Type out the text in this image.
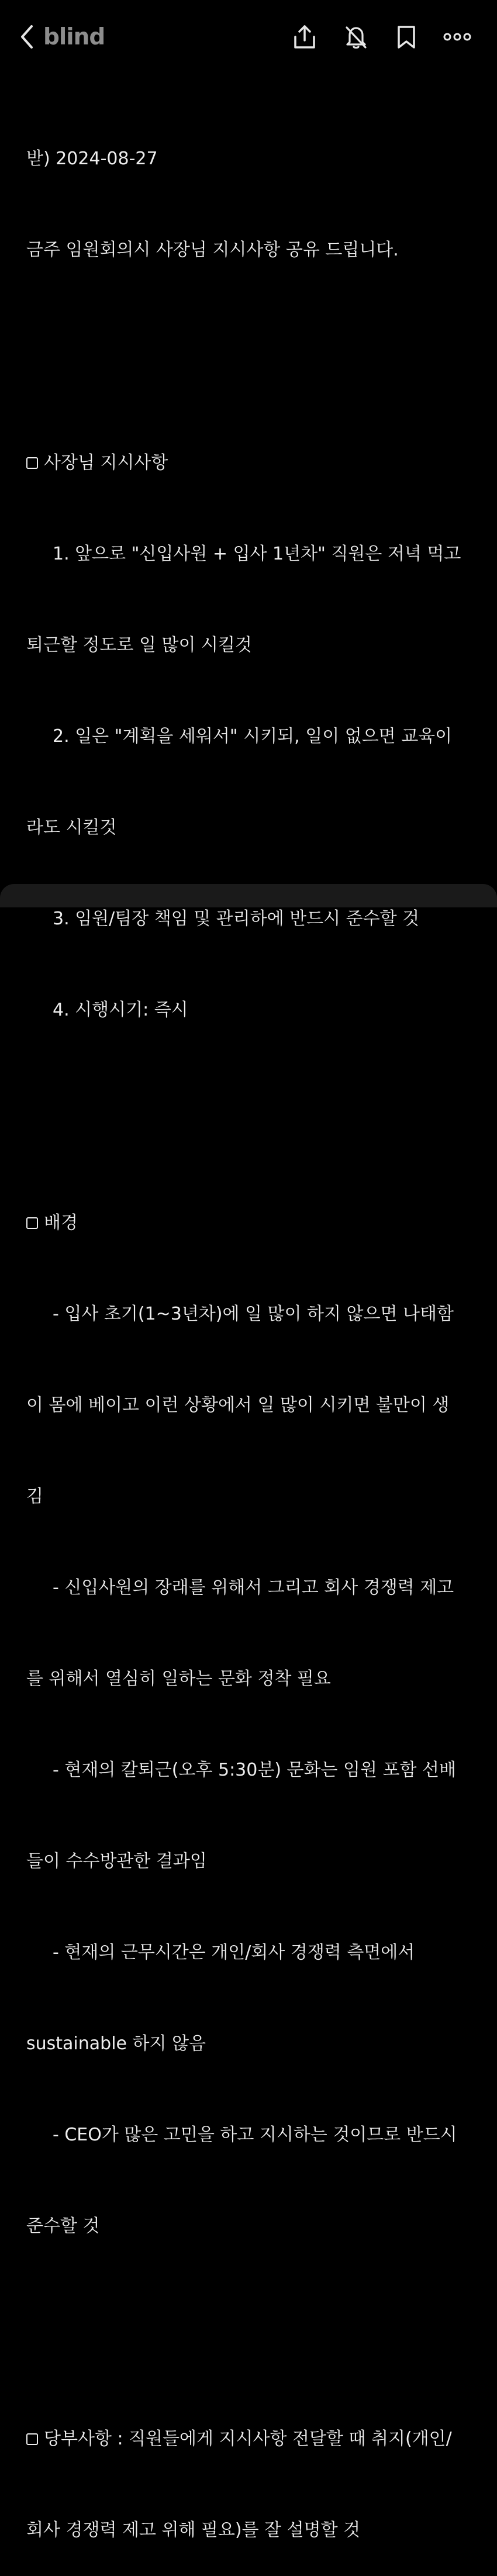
blind

받) 2024-08-27

금주 임원회의시 사장님 지시사항 공유 드립니다.

사장님 지시사항

1. 앞으로 "신입사원 + 입사 1년차" 직원은 저녁 먹고

퇴근할 정도로 일 많이 시킬것

2. 일은 "계획을 세워서" 시키되, 일이 없으면 교육이

라도 시킬것

3. 임원/팀장 책임 및 관리하에 반드시 준수할 것

4. 시행시기: 즉시

배경

- 입사 초기(1~3년차)에 일 많이 하지 않으면 나태함

이 몸에 베이고 이런 상황에서 일 많이 시키면 불만이 생

김

- 신입사원의 장래를 위해서 그리고 회사 경쟁력 제고

를 위해서 열심히 일하는 문화 정착 필요

- 현재의 칼퇴근(오후 5:30분) 문화는 임원 포함 선배

들이 수수방관한 결과임

- 현재의 근무시간은 개인/회사 경쟁력 측면에서

sustainable 하지 않음

- CEO가 많은 고민을 하고 지시하는 것이므로 반드시

준수할 것

당부사항 : 직원들에게 지시사항 전달할 때 취지(개인/

회사 경쟁력 제고 위해 필요)를 잘 설명할 것
